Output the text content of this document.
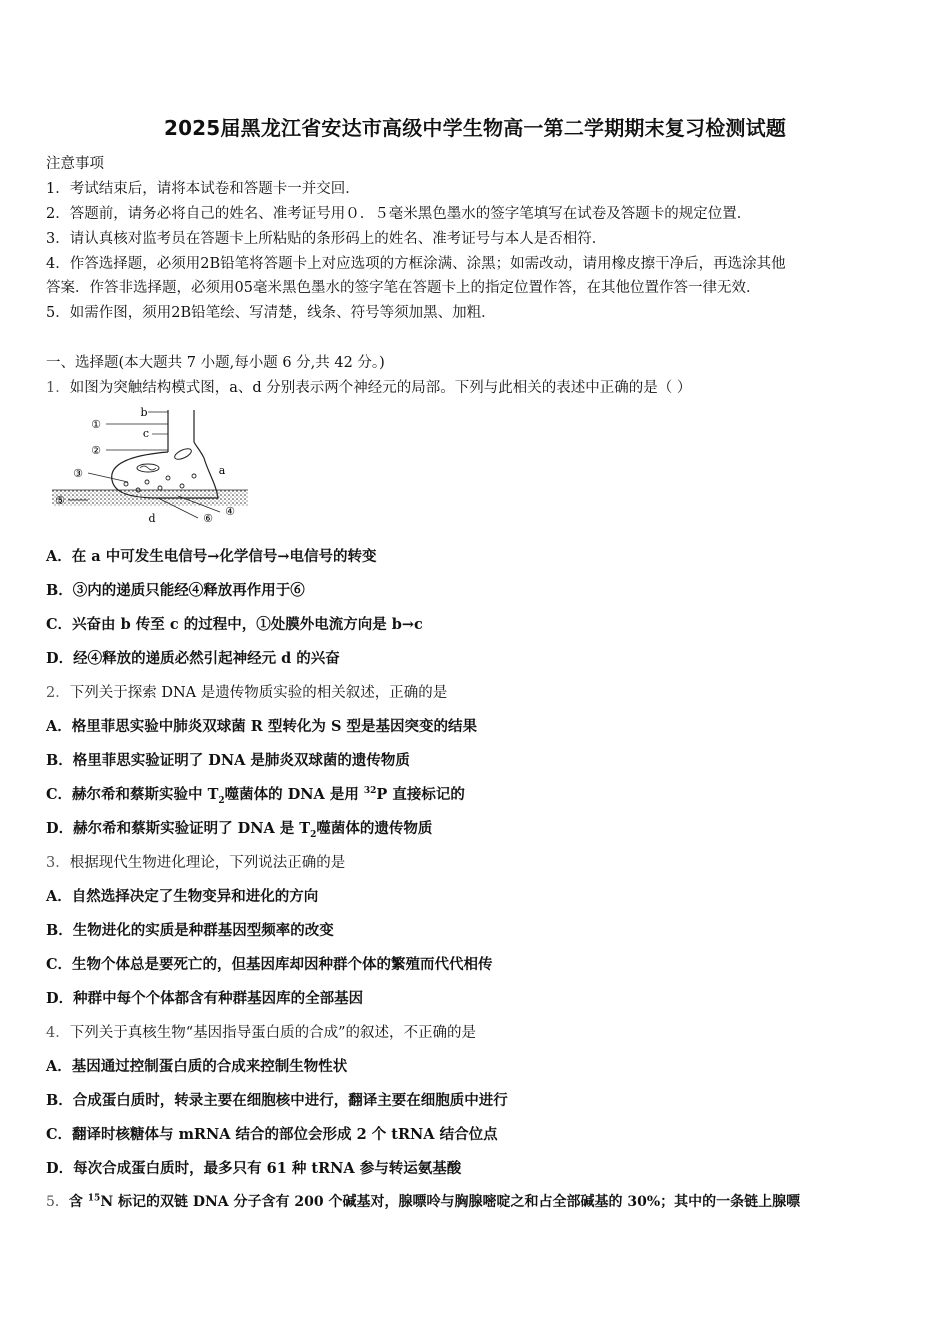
2025届黑龙江省安达市高级中学生物高一第二学期期末复习检测试题
注意事项
1．考试结束后，请将本试卷和答题卡一并交回．
2．答题前，请务必将自己的姓名、准考证号用０．５毫米黑色墨水的签字笔填写在试卷及答题卡的规定位置．
3．请认真核对监考员在答题卡上所粘贴的条形码上的姓名、准考证号与本人是否相符．
4．作答选择题，必须用2B铅笔将答题卡上对应选项的方框涂满、涂黑；如需改动，请用橡皮擦干净后，再选涂其他
答案．作答非选择题，必须用05毫米黑色墨水的签字笔在答题卡上的指定位置作答，在其他位置作答一律无效．
5．如需作图，须用2B铅笔绘、写清楚，线条、符号等须加黑、加粗．
一、选择题(本大题共 7 小题,每小题 6 分,共 42 分。)
1．如图为突触结构模式图，a、d 分别表示两个神经元的局部。下列与此相关的表述中正确的是（ ）
①
②
③
④
⑤
⑥
a
b
c
d
A．在 a 中可发生电信号→化学信号→电信号的转变
B．③内的递质只能经④释放再作用于⑥
C．兴奋由 b 传至 c 的过程中，①处膜外电流方向是 b→c
D．经④释放的递质必然引起神经元 d 的兴奋
2．下列关于探索 DNA 是遗传物质实验的相关叙述，正确的是
A．格里菲思实验中肺炎双球菌 R 型转化为 S 型是基因突变的结果
B．格里菲思实验证明了 DNA 是肺炎双球菌的遗传物质
C．赫尔希和蔡斯实验中 $T_2$噬菌体的 DNA 是用 $^{32}$P 直接标记的
D．赫尔希和蔡斯实验证明了 DNA 是 $T_2$噬菌体的遗传物质
3．根据现代生物进化理论，下列说法正确的是
A．自然选择决定了生物变异和进化的方向
B．生物进化的实质是种群基因型频率的改变
C．生物个体总是要死亡的，但基因库却因种群个体的繁殖而代代相传
D．种群中每个个体都含有种群基因库的全部基因
4．下列关于真核生物“基因指导蛋白质的合成”的叙述，不正确的是
A．基因通过控制蛋白质的合成来控制生物性状
B．合成蛋白质时，转录主要在细胞核中进行，翻译主要在细胞质中进行
C．翻译时核糖体与 mRNA 结合的部位会形成 2 个 tRNA 结合位点
D．每次合成蛋白质时，最多只有 61 种 tRNA 参与转运氨基酸
5．含 $^{15}$N 标记的双链 DNA 分子含有 200 个碱基对，腺嘌呤与胸腺嘧啶之和占全部碱基的 30%；其中的一条链上腺嘌
